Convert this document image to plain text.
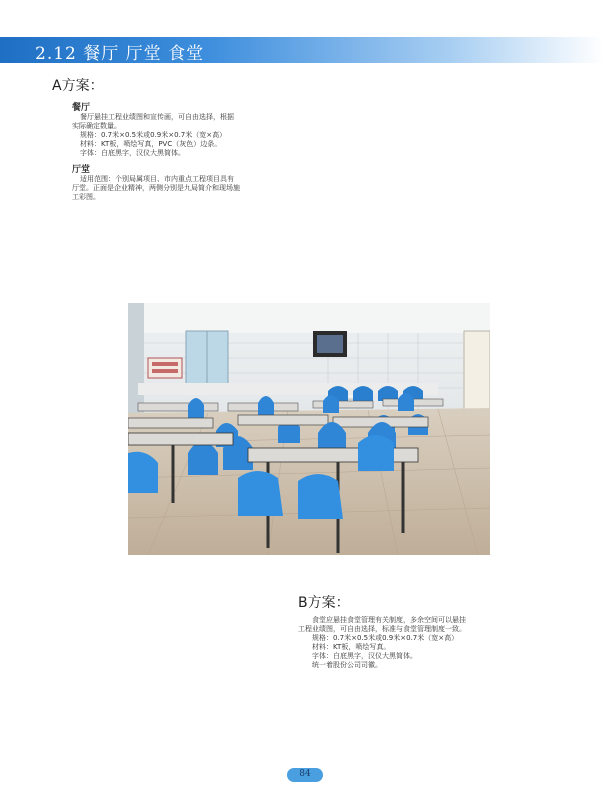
2.12 餐厅 厅堂 食堂
A方案：
餐厅
餐厅悬挂工程业绩图和宣传画，可自由选择，根据
实际确定数量。
规格：0.7米×0.5米或0.9米×0.7米（宽×高）
材料：KT板，喷绘写真，PVC（灰色）边条。
字体：白底黑字，汉仪大黑简体。
厅堂
适用范围：个别局属项目、市内重点工程项目具有
厅堂。正面是企业精神，两侧分别是九局简介和现场施
工彩图。
B方案：
食堂应悬挂食堂管理有关制度，多余空间可以悬挂
工程业绩图，可自由选择，标准与食堂管理制度一致。
规格：0.7米×0.5米或0.9米×0.7米（宽×高）
材料：KT板，喷绘写真。
字体：白底黑字，汉仪大黑简体。
统一着股份公司司徽。
84
